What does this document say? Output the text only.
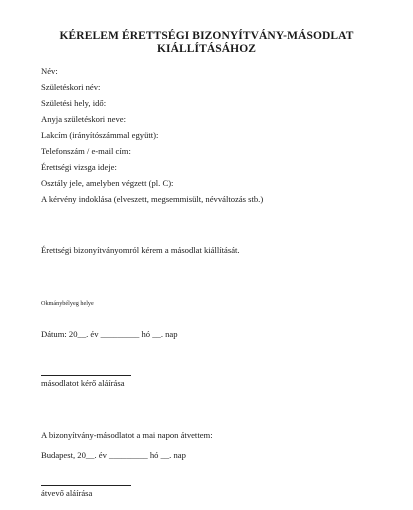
KÉRELEM ÉRETTSÉGI BIZONYÍTVÁNY-MÁSODLAT
KIÁLLÍTÁSÁHOZ
Név:
Születéskori név:
Születési hely, idő:
Anyja születéskori neve:
Lakcím (irányítószámmal együtt):
Telefonszám / e-mail cím:
Érettségi vizsga ideje:
Osztály jele, amelyben végzett (pl. C):
A kérvény indoklása (elveszett, megsemmisült, névváltozás stb.)
Érettségi bizonyítványomról kérem a másodlat kiállítását.
Okmánybélyeg helye
Dátum: 20__. év _________ hó __. nap
másodlatot kérő aláírása
A bizonyítvány-másodlatot a mai napon átvettem:
Budapest, 20__. év _________ hó __. nap
átvevő aláírása
